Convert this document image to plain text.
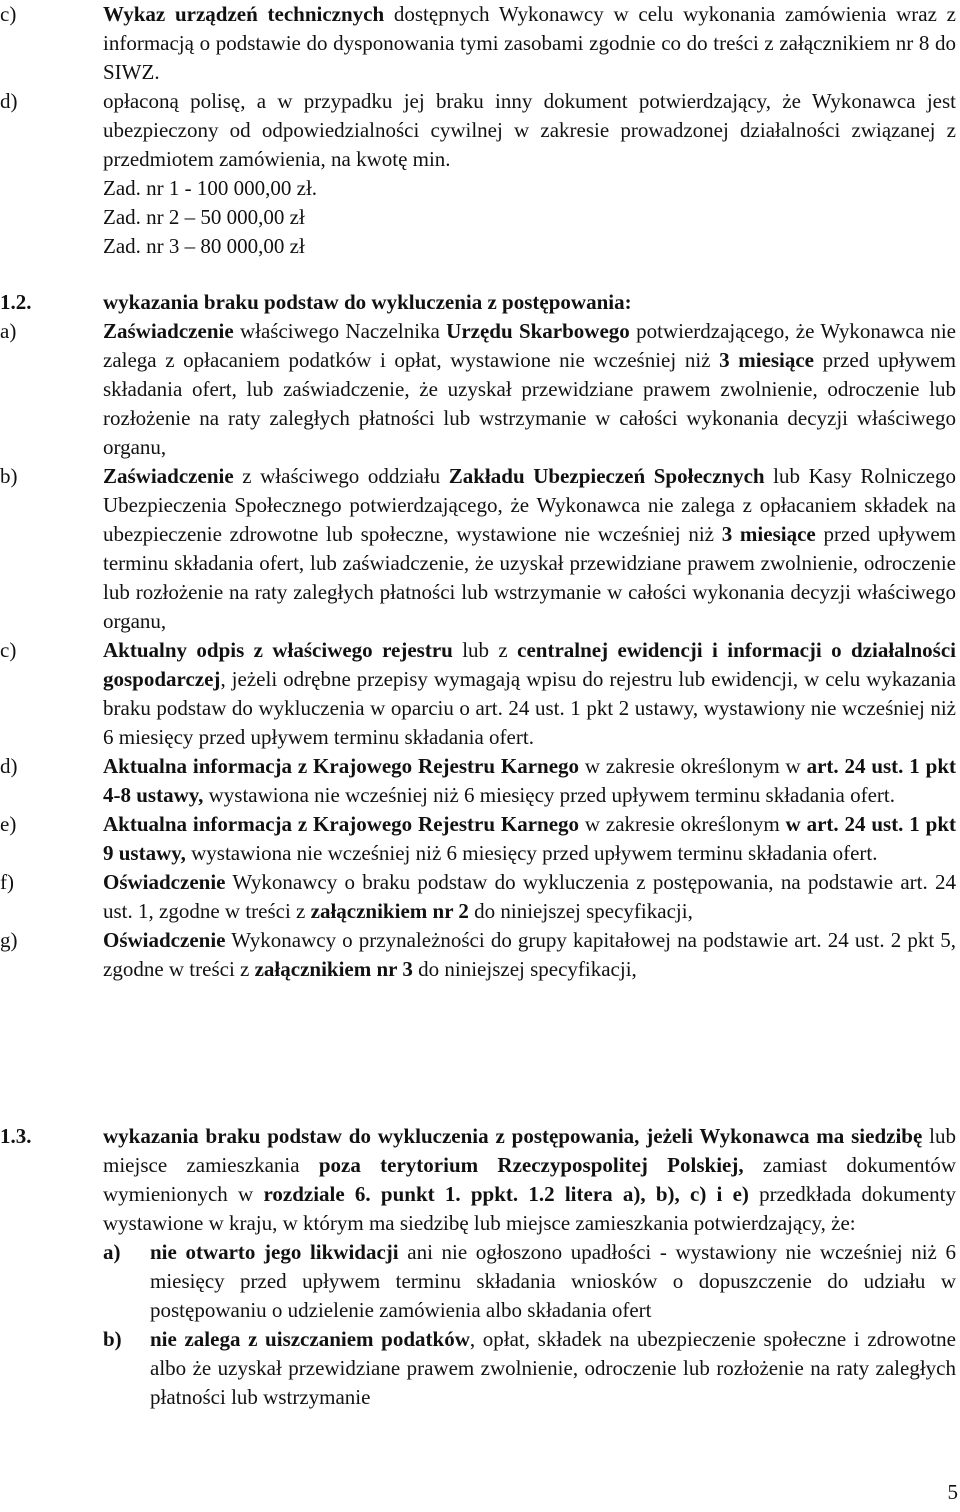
c)	Wykaz urządzeń technicznych dostępnych Wykonawcy w celu wykonania zamówienia wraz z informacją o podstawie do dysponowania tymi zasobami zgodnie co do treści z załącznikiem nr 8 do SIWZ.
d)	opłaconą polisę, a w przypadku jej braku inny dokument potwierdzający, że Wykonawca jest ubezpieczony od odpowiedzialności cywilnej w zakresie prowadzonej działalności związanej z przedmiotem zamówienia, na kwotę min.
Zad. nr 1 - 100 000,00 zł.
Zad. nr 2 – 50 000,00 zł
Zad. nr 3 – 80 000,00 zł
1.2.	wykazania braku podstaw do wykluczenia z postępowania:
a)	Zaświadczenie właściwego Naczelnika Urzędu Skarbowego potwierdzającego, że Wykonawca nie zalega z opłacaniem podatków i opłat, wystawione nie wcześniej niż 3 miesiące przed upływem składania ofert, lub zaświadczenie, że uzyskał przewidziane prawem zwolnienie, odroczenie lub rozłożenie na raty zaległych płatności lub wstrzymanie w całości wykonania decyzji właściwego organu,
b)	Zaświadczenie z właściwego oddziału Zakładu Ubezpieczeń Społecznych lub Kasy Rolniczego Ubezpieczenia Społecznego potwierdzającego, że Wykonawca nie zalega z opłacaniem składek na ubezpieczenie zdrowotne lub społeczne, wystawione nie wcześniej niż 3 miesiące przed upływem terminu składania ofert, lub zaświadczenie, że uzyskał przewidziane prawem zwolnienie, odroczenie lub rozłożenie na raty zaległych płatności lub wstrzymanie w całości wykonania decyzji właściwego organu,
c)	Aktualny odpis z właściwego rejestru lub z centralnej ewidencji i informacji o działalności gospodarczej, jeżeli odrębne przepisy wymagają wpisu do rejestru lub ewidencji, w celu wykazania braku podstaw do wykluczenia w oparciu o art. 24 ust. 1 pkt 2 ustawy, wystawiony nie wcześniej niż 6 miesięcy przed upływem terminu składania ofert.
d)	Aktualna informacja z Krajowego Rejestru Karnego w zakresie określonym w art. 24 ust. 1 pkt 4-8 ustawy, wystawiona nie wcześniej niż 6 miesięcy przed upływem terminu składania ofert.
e)	Aktualna informacja z Krajowego Rejestru Karnego w zakresie określonym w art. 24 ust. 1 pkt 9 ustawy, wystawiona nie wcześniej niż 6 miesięcy przed upływem terminu składania ofert.
f)	Oświadczenie Wykonawcy o braku podstaw do wykluczenia z postępowania, na podstawie art. 24 ust. 1, zgodne w treści z załącznikiem nr 2 do niniejszej specyfikacji,
g)	Oświadczenie Wykonawcy o przynależności do grupy kapitałowej na podstawie art. 24 ust. 2 pkt 5, zgodne w treści z załącznikiem nr 3 do niniejszej specyfikacji,
1.3.	wykazania braku podstaw do wykluczenia z postępowania, jeżeli Wykonawca ma siedzibę lub miejsce zamieszkania poza terytorium Rzeczypospolitej Polskiej, zamiast dokumentów wymienionych w rozdziale 6. punkt 1. ppkt. 1.2 litera a), b), c) i e) przedkłada dokumenty wystawione w kraju, w którym ma siedzibę lub miejsce zamieszkania potwierdzający, że:
a)	nie otwarto jego likwidacji ani nie ogłoszono upadłości - wystawiony nie wcześniej niż 6 miesięcy przed upływem terminu składania wniosków o dopuszczenie do udziału w postępowaniu o udzielenie zamówienia albo składania ofert
b)	nie zalega z uiszczaniem podatków, opłat, składek na ubezpieczenie społeczne i zdrowotne albo że uzyskał przewidziane prawem zwolnienie, odroczenie lub rozłożenie na raty zaległych płatności lub wstrzymanie
5
